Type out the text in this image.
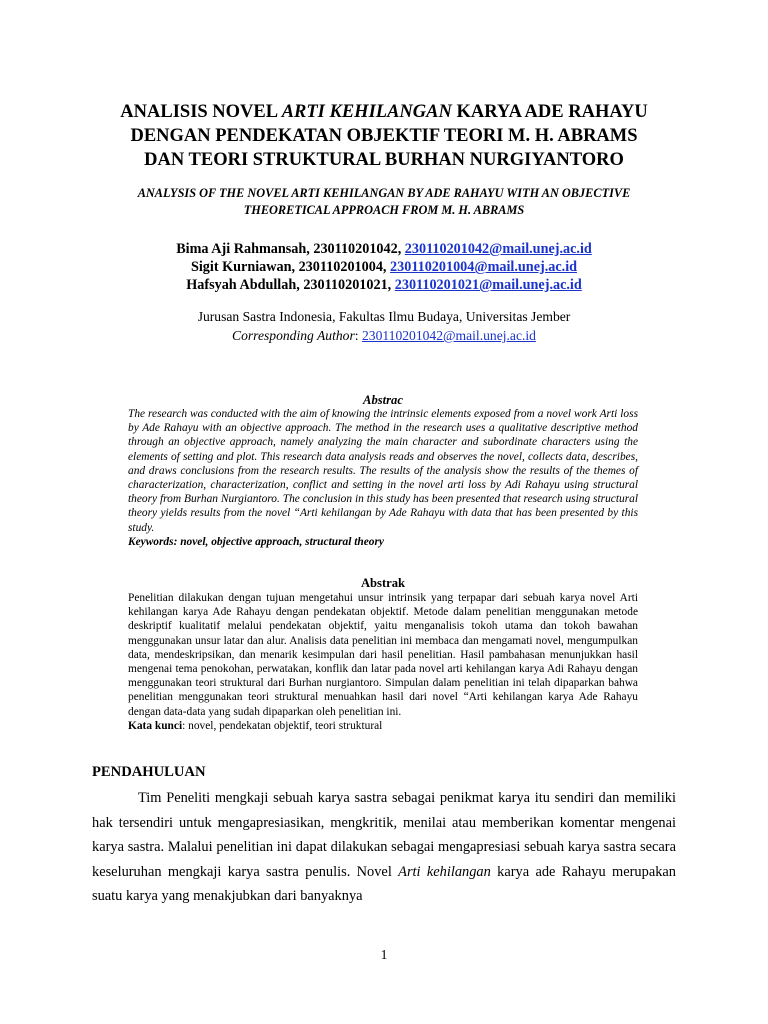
ANALISIS NOVEL ARTI KEHILANGAN KARYA ADE RAHAYU
DENGAN PENDEKATAN OBJEKTIF TEORI M. H. ABRAMS
DAN TEORI STRUKTURAL BURHAN NURGIYANTORO
ANALYSIS OF THE NOVEL ARTI KEHILANGAN BY ADE RAHAYU WITH AN OBJECTIVE THEORETICAL APPROACH FROM M. H. ABRAMS
Bima Aji Rahmansah, 230110201042, 230110201042@mail.unej.ac.id
Sigit Kurniawan, 230110201004, 230110201004@mail.unej.ac.id
Hafsyah Abdullah, 230110201021, 230110201021@mail.unej.ac.id
Jurusan Sastra Indonesia, Fakultas Ilmu Budaya, Universitas Jember
Corresponding Author: 230110201042@mail.unej.ac.id
Abstrac
The research was conducted with the aim of knowing the intrinsic elements exposed from a novel work Arti loss by Ade Rahayu with an objective approach. The method in the research uses a qualitative descriptive method through an objective approach, namely analyzing the main character and subordinate characters using the elements of setting and plot. This research data analysis reads and observes the novel, collects data, describes, and draws conclusions from the research results. The results of the analysis show the results of the themes of characterization, characterization, conflict and setting in the novel arti loss by Adi Rahayu using structural theory from Burhan Nurgiantoro. The conclusion in this study has been presented that research using structural theory yields results from the novel “Arti kehilangan by Ade Rahayu with data that has been presented by this study.
Keywords: novel, objective approach, structural theory
Abstrak
Penelitian dilakukan dengan tujuan mengetahui unsur intrinsik yang terpapar dari sebuah karya novel Arti kehilangan karya Ade Rahayu dengan pendekatan objektif. Metode dalam penelitian menggunakan metode deskriptif kualitatif melalui pendekatan objektif, yaitu menganalisis tokoh utama dan tokoh bawahan menggunakan unsur latar dan alur. Analisis data penelitian ini membaca dan mengamati novel, mengumpulkan data, mendeskripsikan, dan menarik kesimpulan dari hasil penelitian. Hasil pambahasan menunjukkan hasil mengenai tema penokohan, perwatakan, konflik dan latar pada novel arti kehilangan karya Adi Rahayu dengan menggunakan teori struktural dari Burhan nurgiantoro. Simpulan dalam penelitian ini telah dipaparkan bahwa penelitian menggunakan teori struktural menuahkan hasil dari novel “Arti kehilangan karya Ade Rahayu dengan data-data yang sudah dipaparkan oleh penelitian ini.
Kata kunci: novel, pendekatan objektif, teori struktural
PENDAHULUAN

Tim Peneliti mengkaji sebuah karya sastra sebagai penikmat karya itu sendiri dan memiliki hak tersendiri untuk mengapresiasikan, mengkritik, menilai atau memberikan komentar mengenai karya sastra. Malalui penelitian ini dapat dilakukan sebagai mengapresiasi sebuah karya sastra secara keseluruhan mengkaji karya sastra penulis. Novel Arti kehilangan karya ade Rahayu merupakan suatu karya yang menakjubkan dari banyaknya

1
